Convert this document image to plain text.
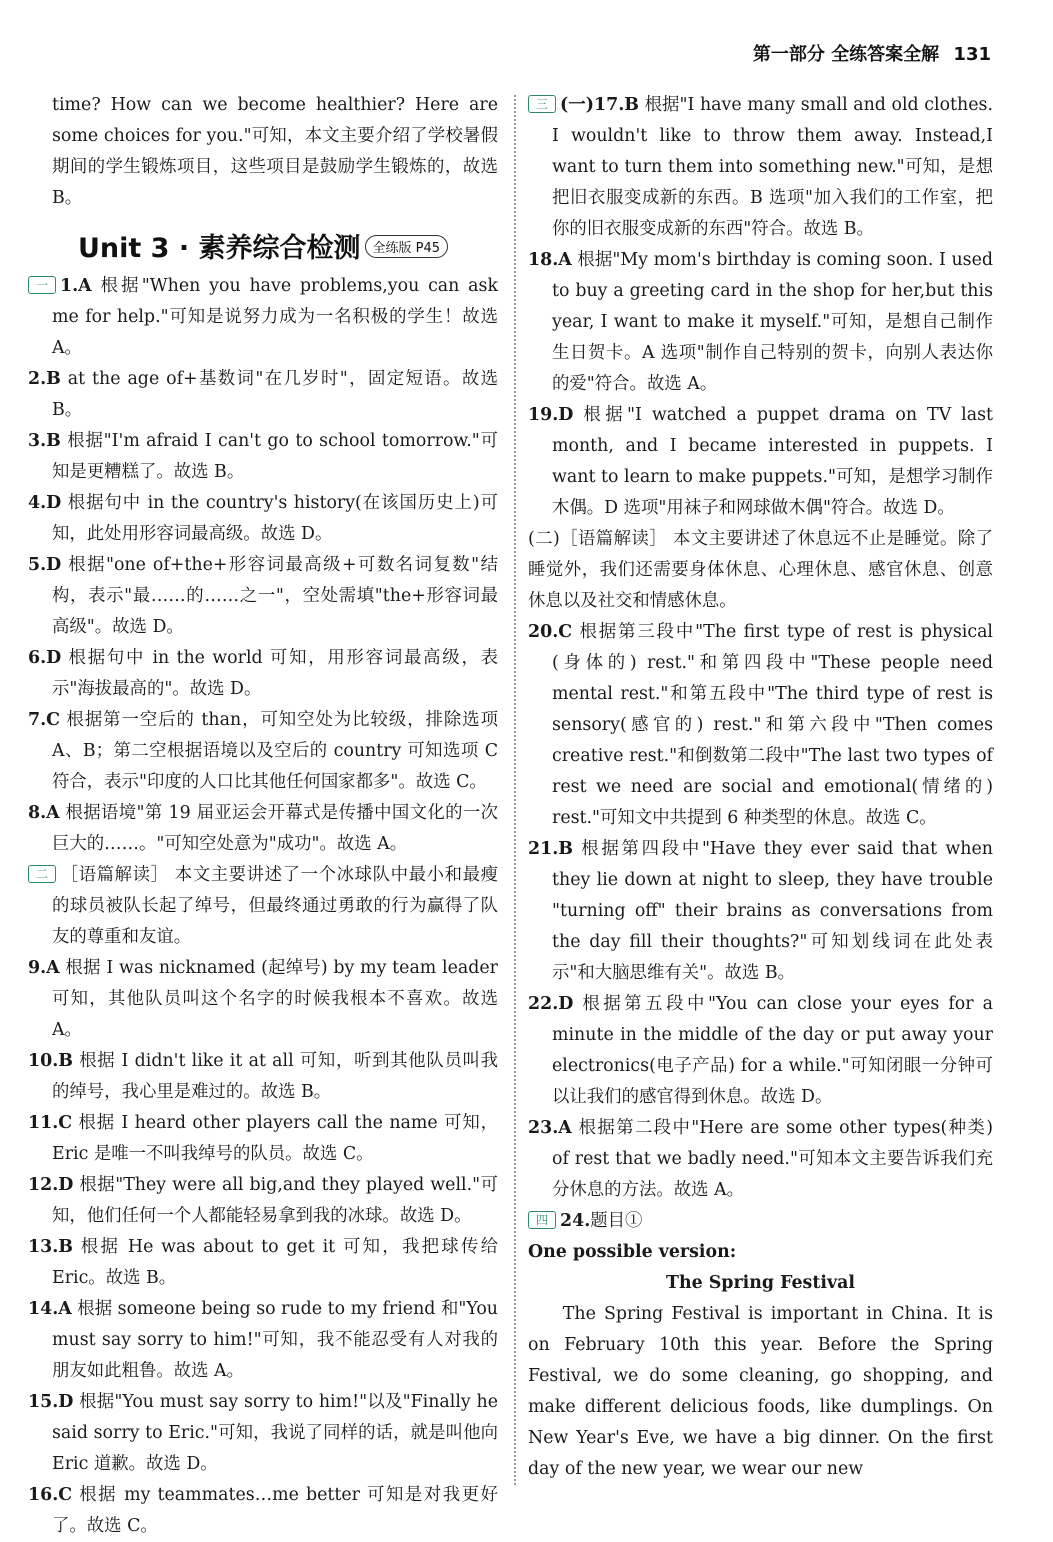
第一部分 全练答案全解 131

time? How can we become healthier? Here are some choices for you."可知，本文主要介绍了学校暑假期间的学生锻炼项目，这些项目是鼓励学生锻炼的，故选 B。

Unit 3 · 素养综合检测 全练版 P45

一 1.A 根据"When you have problems,you can ask me for help."可知是说努力成为一名积极的学生！故选 A。

2.B at the age of+基数词"在几岁时"，固定短语。故选 B。

3.B 根据"I'm afraid I can't go to school tomorrow."可知是更糟糕了。故选 B。

4.D 根据句中 in the country's history(在该国历史上)可知，此处用形容词最高级。故选 D。

5.D 根据"one of+the+形容词最高级+可数名词复数"结构，表示"最……的……之一"，空处需填"the+形容词最高级"。故选 D。

6.D 根据句中 in the world 可知，用形容词最高级，表示"海拔最高的"。故选 D。

7.C 根据第一空后的 than，可知空处为比较级，排除选项 A、B；第二空根据语境以及空后的 country 可知选项 C 符合，表示"印度的人口比其他任何国家都多"。故选 C。

8.A 根据语境"第 19 届亚运会开幕式是传播中国文化的一次巨大的……。"可知空处意为"成功"。故选 A。

二 ［语篇解读］ 本文主要讲述了一个冰球队中最小和最瘦的球员被队长起了绰号，但最终通过勇敢的行为赢得了队友的尊重和友谊。

9.A 根据 I was nicknamed (起绰号) by my team leader 可知，其他队员叫这个名字的时候我根本不喜欢。故选 A。

10.B 根据 I didn't like it at all 可知，听到其他队员叫我的绰号，我心里是难过的。故选 B。

11.C 根据 I heard other players call the name 可知，Eric 是唯一不叫我绰号的队员。故选 C。

12.D 根据"They were all big,and they played well."可知，他们任何一个人都能轻易拿到我的冰球。故选 D。

13.B 根据 He was about to get it 可知，我把球传给 Eric。故选 B。

14.A 根据 someone being so rude to my friend 和"You must say sorry to him!"可知，我不能忍受有人对我的朋友如此粗鲁。故选 A。

15.D 根据"You must say sorry to him!"以及"Finally he said sorry to Eric."可知，我说了同样的话，就是叫他向 Eric 道歉。故选 D。

16.C 根据 my teammates…me better 可知是对我更好了。故选 C。

三 (一)17.B 根据"I have many small and old clothes. I wouldn't like to throw them away. Instead,I want to turn them into something new."可知，是想把旧衣服变成新的东西。B 选项"加入我们的工作室，把你的旧衣服变成新的东西"符合。故选 B。

18.A 根据"My mom's birthday is coming soon. I used to buy a greeting card in the shop for her,but this year, I want to make it myself."可知，是想自己制作生日贺卡。A 选项"制作自己特别的贺卡，向别人表达你的爱"符合。故选 A。

19.D 根据"I watched a puppet drama on TV last month, and I became interested in puppets. I want to learn to make puppets."可知，是想学习制作木偶。D 选项"用袜子和网球做木偶"符合。故选 D。

(二)［语篇解读］ 本文主要讲述了休息远不止是睡觉。除了睡觉外，我们还需要身体休息、心理休息、感官休息、创意休息以及社交和情感休息。

20.C 根据第三段中"The first type of rest is physical (身体的) rest."和第四段中"These people need mental rest."和第五段中"The third type of rest is sensory(感官的) rest."和第六段中"Then comes creative rest."和倒数第二段中"The last two types of rest we need are social and emotional(情绪的) rest."可知文中共提到 6 种类型的休息。故选 C。

21.B 根据第四段中"Have they ever said that when they lie down at night to sleep, they have trouble "turning off" their brains as conversations from the day fill their thoughts?"可知划线词在此处表示"和大脑思维有关"。故选 B。

22.D 根据第五段中"You can close your eyes for a minute in the middle of the day or put away your electronics(电子产品) for a while."可知闭眼一分钟可以让我们的感官得到休息。故选 D。

23.A 根据第二段中"Here are some other types(种类) of rest that we badly need."可知本文主要告诉我们充分休息的方法。故选 A。

四 24.题目①

One possible version:

The Spring Festival

The Spring Festival is important in China. It is on February 10th this year. Before the Spring Festival, we do some cleaning, go shopping, and make different delicious foods, like dumplings. On New Year's Eve, we have a big dinner. On the first day of the new year, we wear our new
